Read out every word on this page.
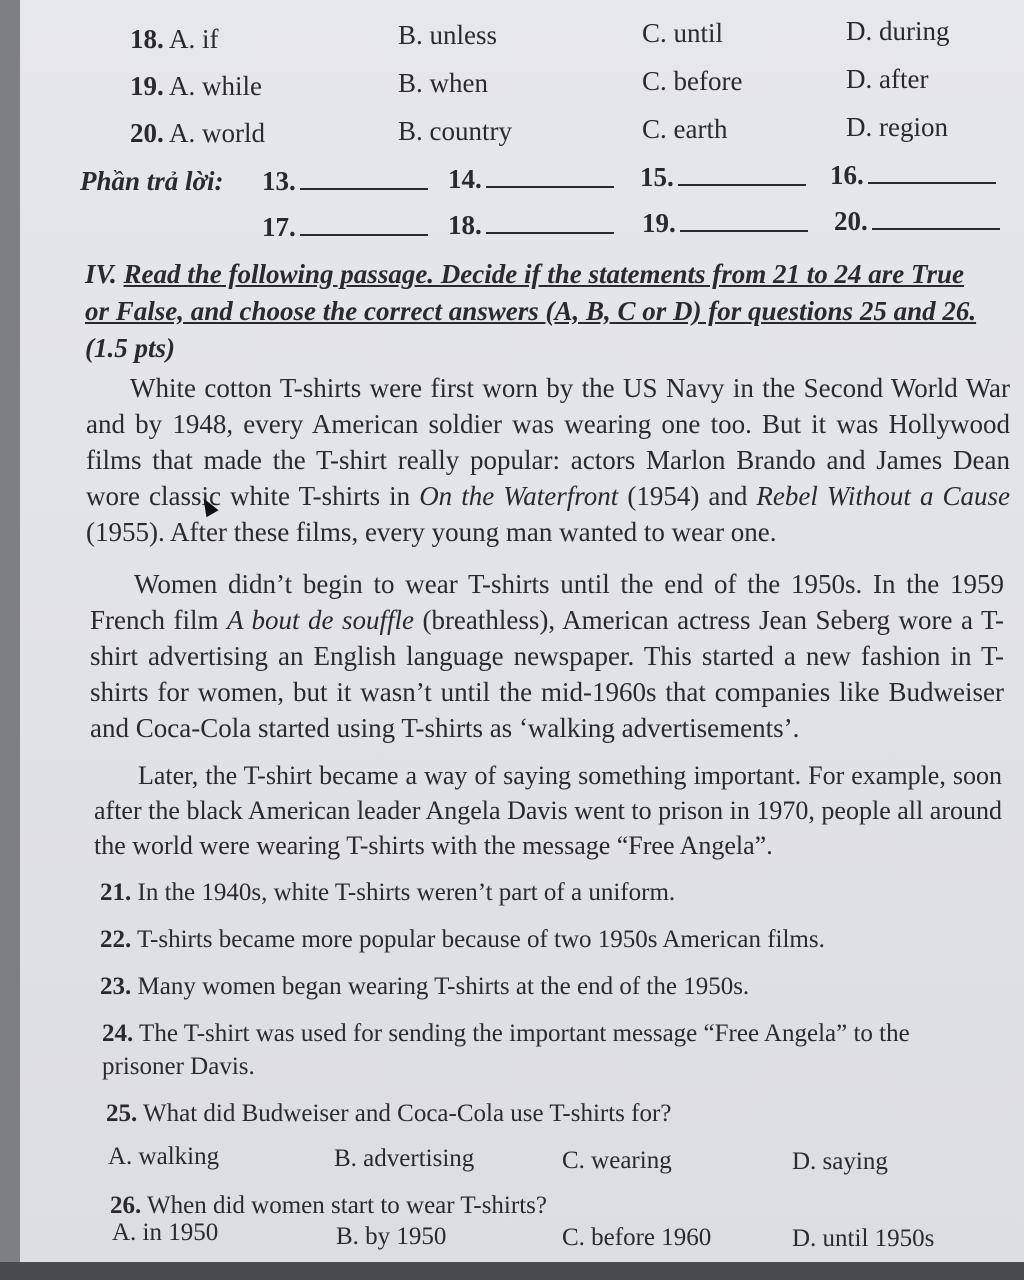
18. A. if	B. unless	C. until	D. during
19. A. while	B. when	C. before	D. after
20. A. world	B. country	C. earth	D. region
Phần trả lời: 13.	14.	15.	16.
17.	18.	19.	20.
IV. Read the following passage. Decide if the statements from 21 to 24 are True
or False, and choose the correct answers (A, B, C or D) for questions 25 and 26.
(1.5 pts)

White cotton T-shirts were first worn by the US Navy in the Second World War and by 1948, every American soldier was wearing one too. But it was Hollywood films that made the T-shirt really popular: actors Marlon Brando and James Dean wore classic white T-shirts in On the Waterfront (1954) and Rebel Without a Cause (1955). After these films, every young man wanted to wear one.

Women didn’t begin to wear T-shirts until the end of the 1950s. In the 1959 French film A bout de souffle (breathless), American actress Jean Seberg wore a T-shirt advertising an English language newspaper. This started a new fashion in T-shirts for women, but it wasn’t until the mid-1960s that companies like Budweiser and Coca-Cola started using T-shirts as ‘walking advertisements’.

Later, the T-shirt became a way of saying something important. For example, soon after the black American leader Angela Davis went to prison in 1970, people all around the world were wearing T-shirts with the message “Free Angela”.

21. In the 1940s, white T-shirts weren’t part of a uniform.
22. T-shirts became more popular because of two 1950s American films.
23. Many women began wearing T-shirts at the end of the 1950s.
24. The T-shirt was used for sending the important message “Free Angela” to the prisoner Davis.
25. What did Budweiser and Coca-Cola use T-shirts for?
A. walking	B. advertising	C. wearing	D. saying
26. When did women start to wear T-shirts?
A. in 1950	B. by 1950	C. before 1960	D. until 1950s
